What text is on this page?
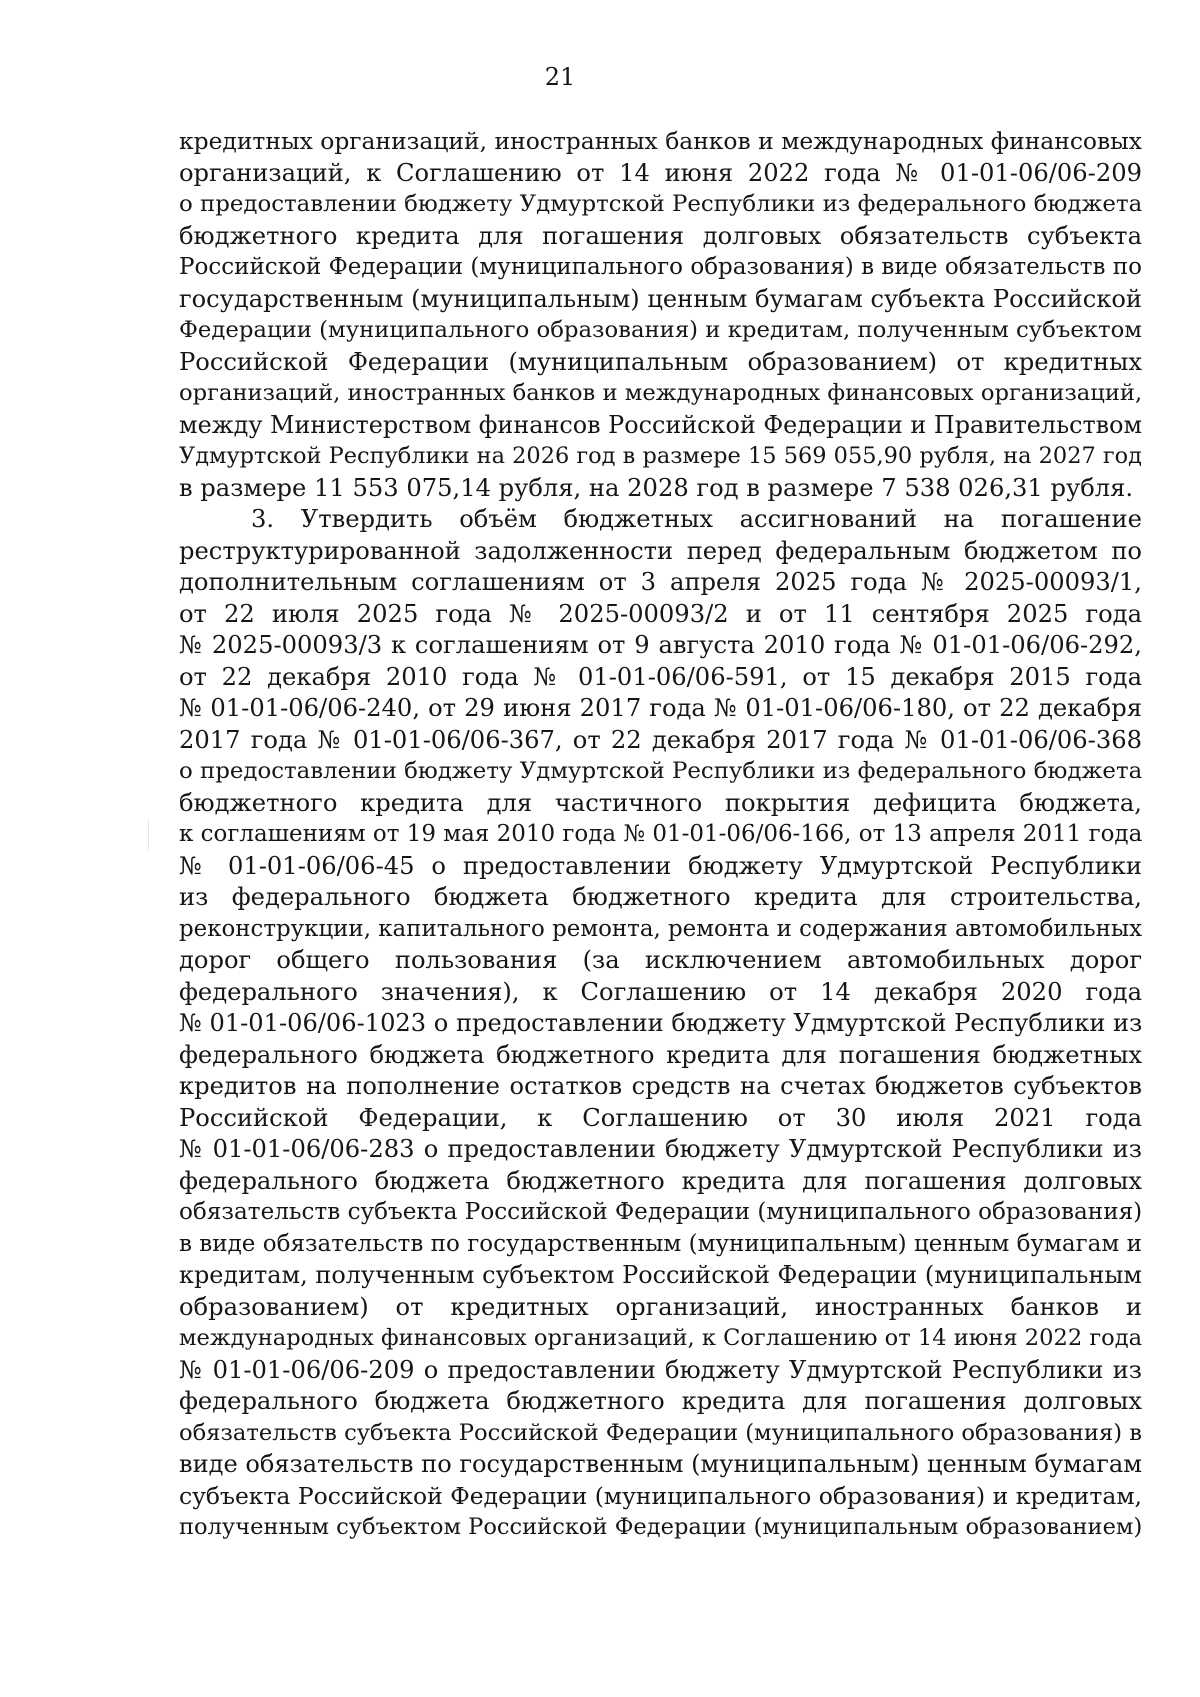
21
кредитных организаций, иностранных банков и международных финансовых
организаций, к Соглашению от 14 июня 2022 года № 01-01-06/06-209
о предоставлении бюджету Удмуртской Республики из федерального бюджета
бюджетного кредита для погашения долговых обязательств субъекта
Российской Федерации (муниципального образования) в виде обязательств по
государственным (муниципальным) ценным бумагам субъекта Российской
Федерации (муниципального образования) и кредитам, полученным субъектом
Российской Федерации (муниципальным образованием) от кредитных
организаций, иностранных банков и международных финансовых организаций,
между Министерством финансов Российской Федерации и Правительством
Удмуртской Республики на 2026 год в размере 15 569 055,90 рубля, на 2027 год
в размере 11 553 075,14 рубля, на 2028 год в размере 7 538 026,31 рубля.
3. Утвердить объём бюджетных ассигнований на погашение
реструктурированной задолженности перед федеральным бюджетом по
дополнительным соглашениям от 3 апреля 2025 года № 2025-00093/1,
от 22 июля 2025 года № 2025-00093/2 и от 11 сентября 2025 года
№ 2025-00093/3 к соглашениям от 9 августа 2010 года № 01-01-06/06-292,
от 22 декабря 2010 года № 01-01-06/06-591, от 15 декабря 2015 года
№ 01-01-06/06-240, от 29 июня 2017 года № 01-01-06/06-180, от 22 декабря
2017 года № 01-01-06/06-367, от 22 декабря 2017 года № 01-01-06/06-368
о предоставлении бюджету Удмуртской Республики из федерального бюджета
бюджетного кредита для частичного покрытия дефицита бюджета,
к соглашениям от 19 мая 2010 года № 01-01-06/06-166, от 13 апреля 2011 года
№ 01-01-06/06-45 о предоставлении бюджету Удмуртской Республики
из федерального бюджета бюджетного кредита для строительства,
реконструкции, капитального ремонта, ремонта и содержания автомобильных
дорог общего пользования (за исключением автомобильных дорог
федерального значения), к Соглашению от 14 декабря 2020 года
№ 01-01-06/06-1023 о предоставлении бюджету Удмуртской Республики из
федерального бюджета бюджетного кредита для погашения бюджетных
кредитов на пополнение остатков средств на счетах бюджетов субъектов
Российской Федерации, к Соглашению от 30 июля 2021 года
№ 01-01-06/06-283 о предоставлении бюджету Удмуртской Республики из
федерального бюджета бюджетного кредита для погашения долговых
обязательств субъекта Российской Федерации (муниципального образования)
в виде обязательств по государственным (муниципальным) ценным бумагам и
кредитам, полученным субъектом Российской Федерации (муниципальным
образованием) от кредитных организаций, иностранных банков и
международных финансовых организаций, к Соглашению от 14 июня 2022 года
№ 01-01-06/06-209 о предоставлении бюджету Удмуртской Республики из
федерального бюджета бюджетного кредита для погашения долговых
обязательств субъекта Российской Федерации (муниципального образования) в
виде обязательств по государственным (муниципальным) ценным бумагам
субъекта Российской Федерации (муниципального образования) и кредитам,
полученным субъектом Российской Федерации (муниципальным образованием)
